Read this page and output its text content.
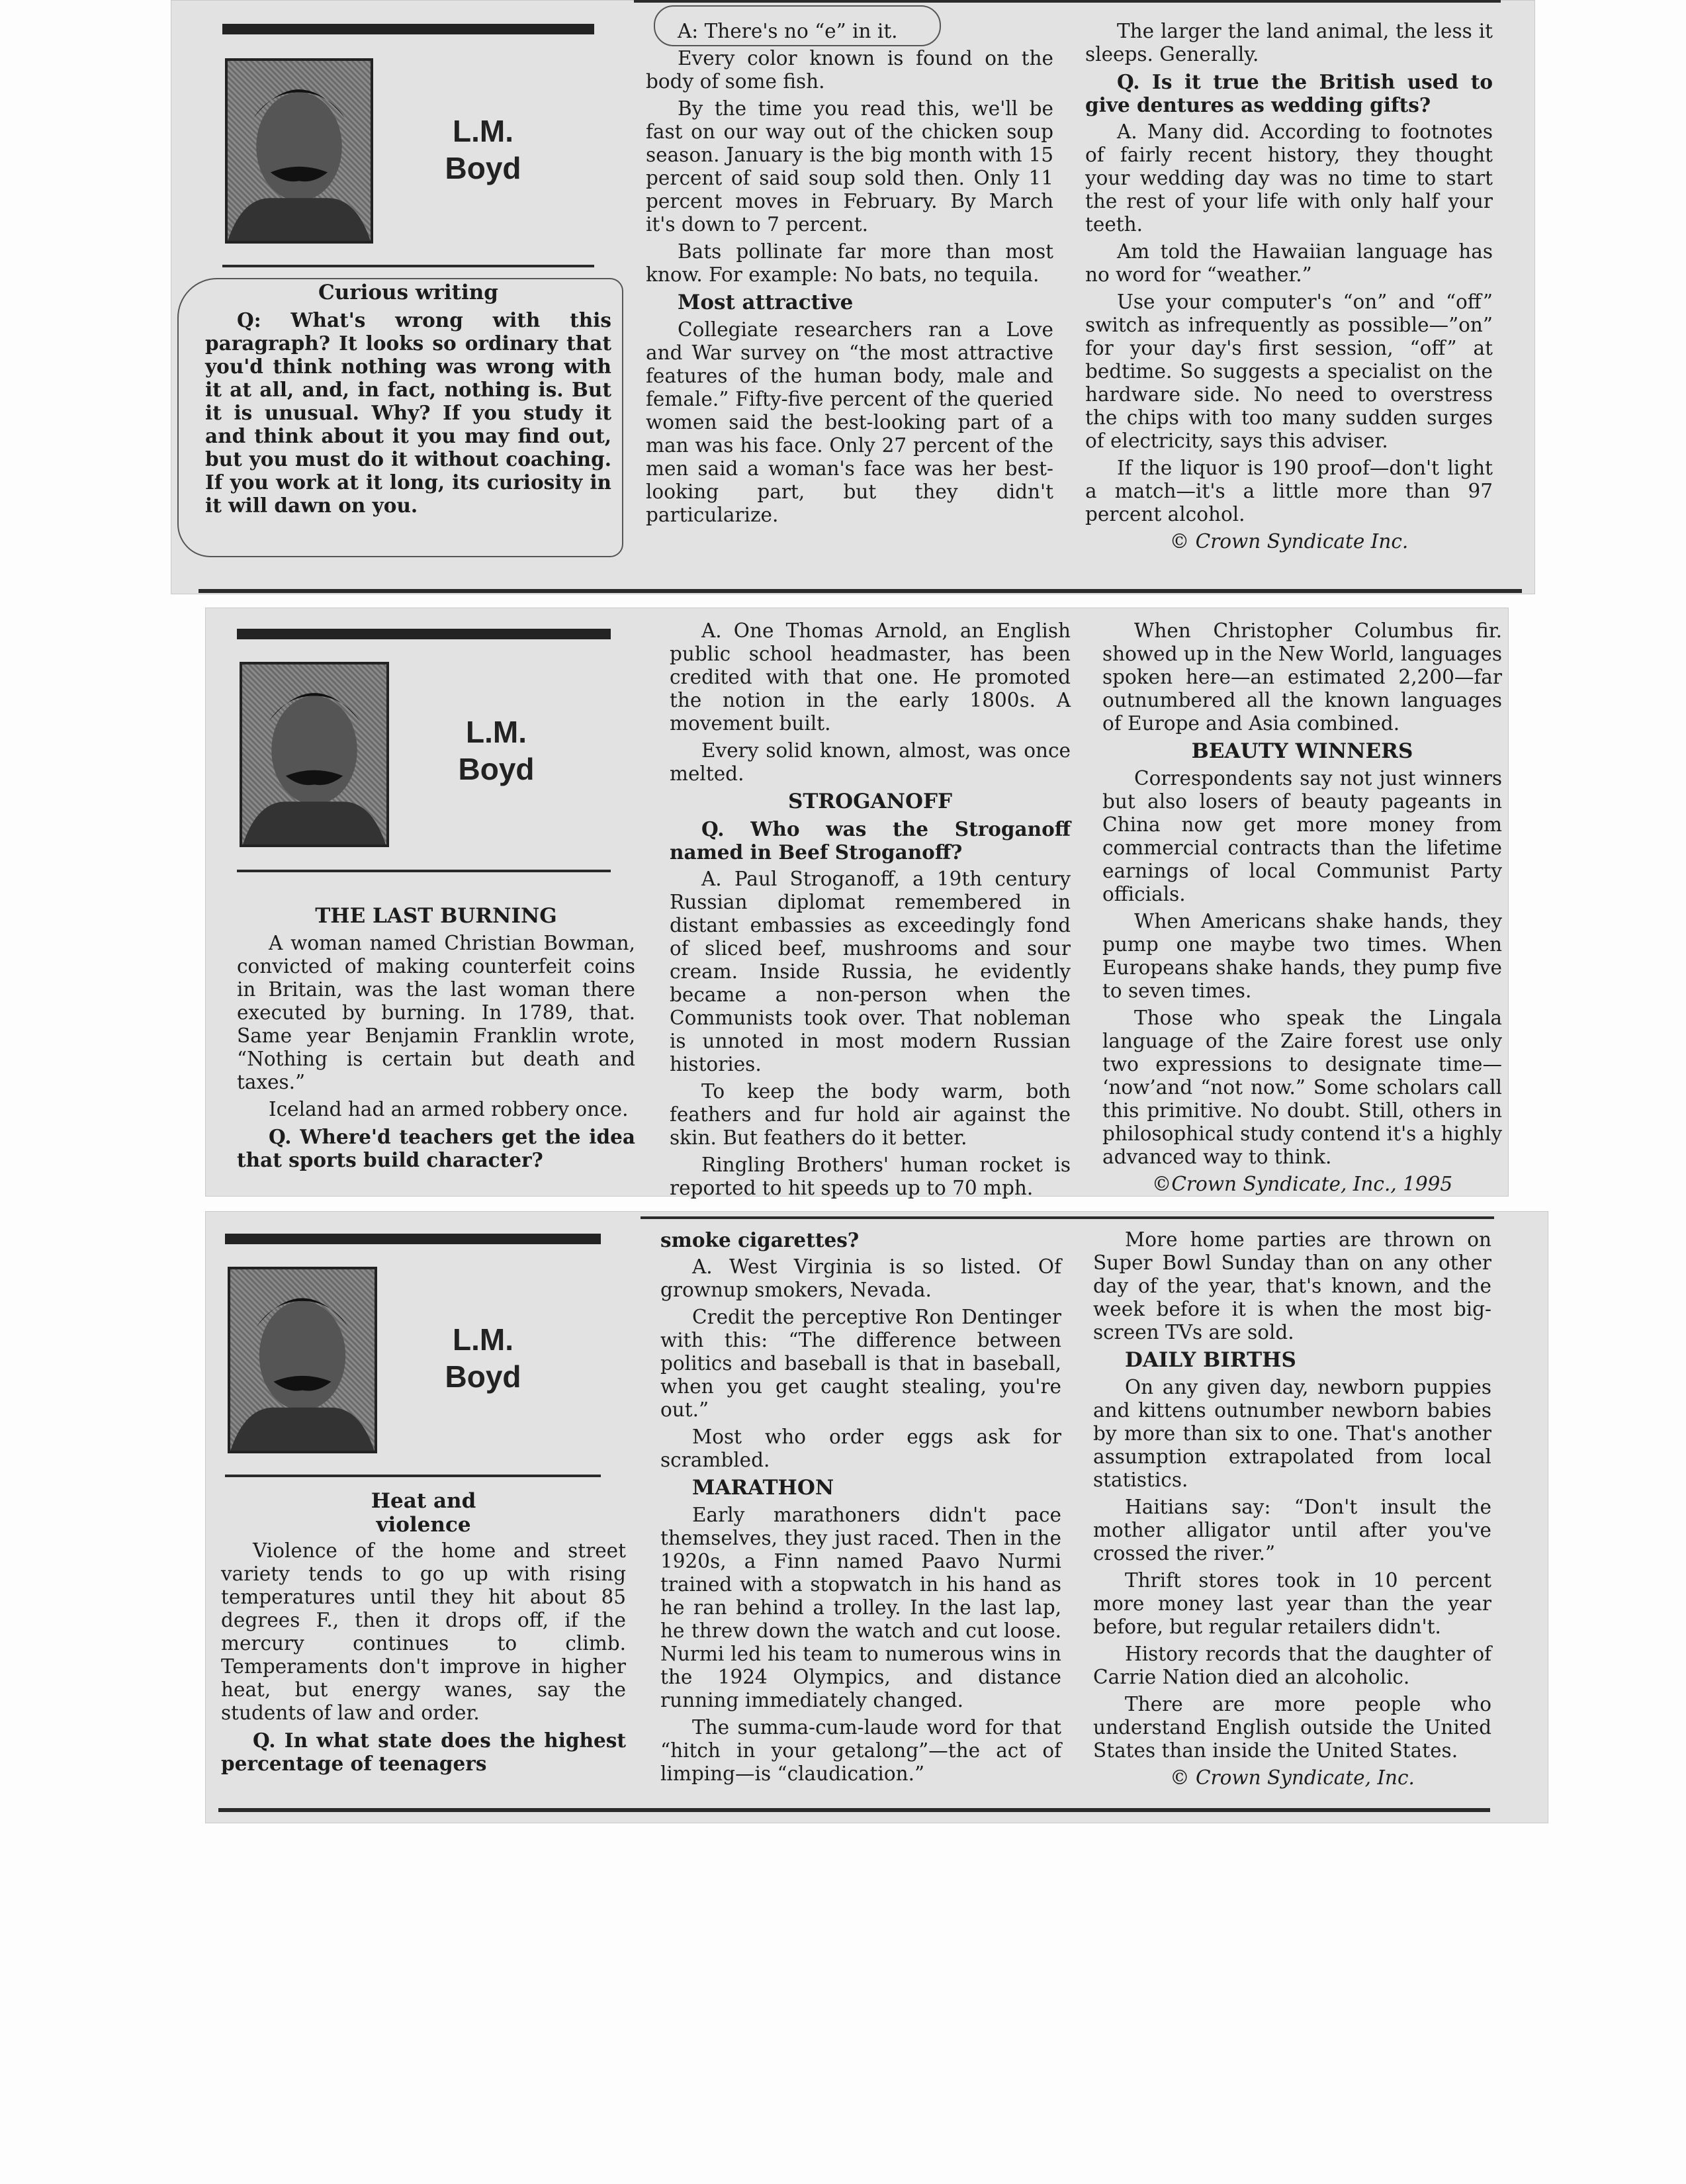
L.M.
Boyd
Curious writing

Q: What's wrong with this paragraph? It looks so ordinary that you'd think nothing was wrong with it at all, and, in fact, nothing is. But it is unusual. Why? If you study it and think about it you may find out, but you must do it without coaching. If you work at it long, its curiosity in it will dawn on you.

A: There's no “e” in it.

Every color known is found on the body of some fish.

By the time you read this, we'll be fast on our way out of the chicken soup season. January is the big month with 15 percent of said soup sold then. Only 11 percent moves in February. By March it's down to 7 percent.

Bats pollinate far more than most know. For example: No bats, no tequila.

Most attractive

Collegiate researchers ran a Love and War survey on “the most attractive features of the human body, male and female.” Fifty-five percent of the queried women said the best-looking part of a man was his face. Only 27 percent of the men said a woman's face was her best-looking part, but they didn't particularize.

The larger the land animal, the less it sleeps. Generally.

Q. Is it true the British used to give dentures as wedding gifts?

A. Many did. According to footnotes of fairly recent history, they thought your wedding day was no time to start the rest of your life with only half your teeth.

Am told the Hawaiian language has no word for “weather.”

Use your computer's “on” and “off” switch as infrequently as possible—”on” for your day's first session, “off” at bedtime. So suggests a specialist on the hardware side. No need to overstress the chips with too many sudden surges of electricity, says this adviser.

If the liquor is 190 proof—don't light a match—it's a little more than 97 percent alcohol.

© Crown Syndicate Inc.

L.M.
Boyd
THE LAST BURNING

A woman named Christian Bowman, convicted of making counterfeit coins in Britain, was the last woman there executed by burning. In 1789, that. Same year Benjamin Franklin wrote, “Nothing is certain but death and taxes.”

Iceland had an armed robbery once.

Q. Where'd teachers get the idea that sports build character?

A. One Thomas Arnold, an English public school headmaster, has been credited with that one. He promoted the notion in the early 1800s. A movement built.

Every solid known, almost, was once melted.

STROGANOFF

Q. Who was the Stroganoff named in Beef Stroganoff?

A. Paul Stroganoff, a 19th century Russian diplomat remembered in distant embassies as exceedingly fond of sliced beef, mushrooms and sour cream. Inside Russia, he evidently became a non-person when the Communists took over. That nobleman is unnoted in most modern Russian histories.

To keep the body warm, both feathers and fur hold air against the skin. But feathers do it better.

Ringling Brothers' human rocket is reported to hit speeds up to 70 mph.

When Christopher Columbus fir. showed up in the New World, languages spoken here—an estimated 2,200—far outnumbered all the known languages of Europe and Asia combined.

BEAUTY WINNERS

Correspondents say not just winners but also losers of beauty pageants in China now get more money from commercial contracts than the lifetime earnings of local Communist Party officials.

When Americans shake hands, they pump one maybe two times. When Europeans shake hands, they pump five to seven times.

Those who speak the Lingala language of the Zaire forest use only two expressions to designate time— ‘now’and “not now.” Some scholars call this primitive. No doubt. Still, others in philosophical study contend it's a highly advanced way to think.

©Crown Syndicate, Inc., 1995

L.M.
Boyd
Heat and violence

Violence of the home and street variety tends to go up with rising temperatures until they hit about 85 degrees F., then it drops off, if the mercury continues to climb. Temperaments don't improve in higher heat, but energy wanes, say the students of law and order.

Q. In what state does the highest percentage of teenagers

smoke cigarettes?

A. West Virginia is so listed. Of grownup smokers, Nevada.

Credit the perceptive Ron Dentinger with this: “The difference between politics and baseball is that in baseball, when you get caught stealing, you're out.”

Most who order eggs ask for scrambled.

MARATHON

Early marathoners didn't pace themselves, they just raced. Then in the 1920s, a Finn named Paavo Nurmi trained with a stopwatch in his hand as he ran behind a trolley. In the last lap, he threw down the watch and cut loose. Nurmi led his team to numerous wins in the 1924 Olympics, and distance running immediately changed.

The summa-cum-laude word for that “hitch in your getalong”—the act of limping—is “claudication.”

More home parties are thrown on Super Bowl Sunday than on any other day of the year, that's known, and the week before it is when the most big-screen TVs are sold.

DAILY BIRTHS

On any given day, newborn puppies and kittens outnumber newborn babies by more than six to one. That's another assumption extrapolated from local statistics.

Haitians say: “Don't insult the mother alligator until after you've crossed the river.”

Thrift stores took in 10 percent more money last year than the year before, but regular retailers didn't.

History records that the daughter of Carrie Nation died an alcoholic.

There are more people who understand English outside the United States than inside the United States.

© Crown Syndicate, Inc.
